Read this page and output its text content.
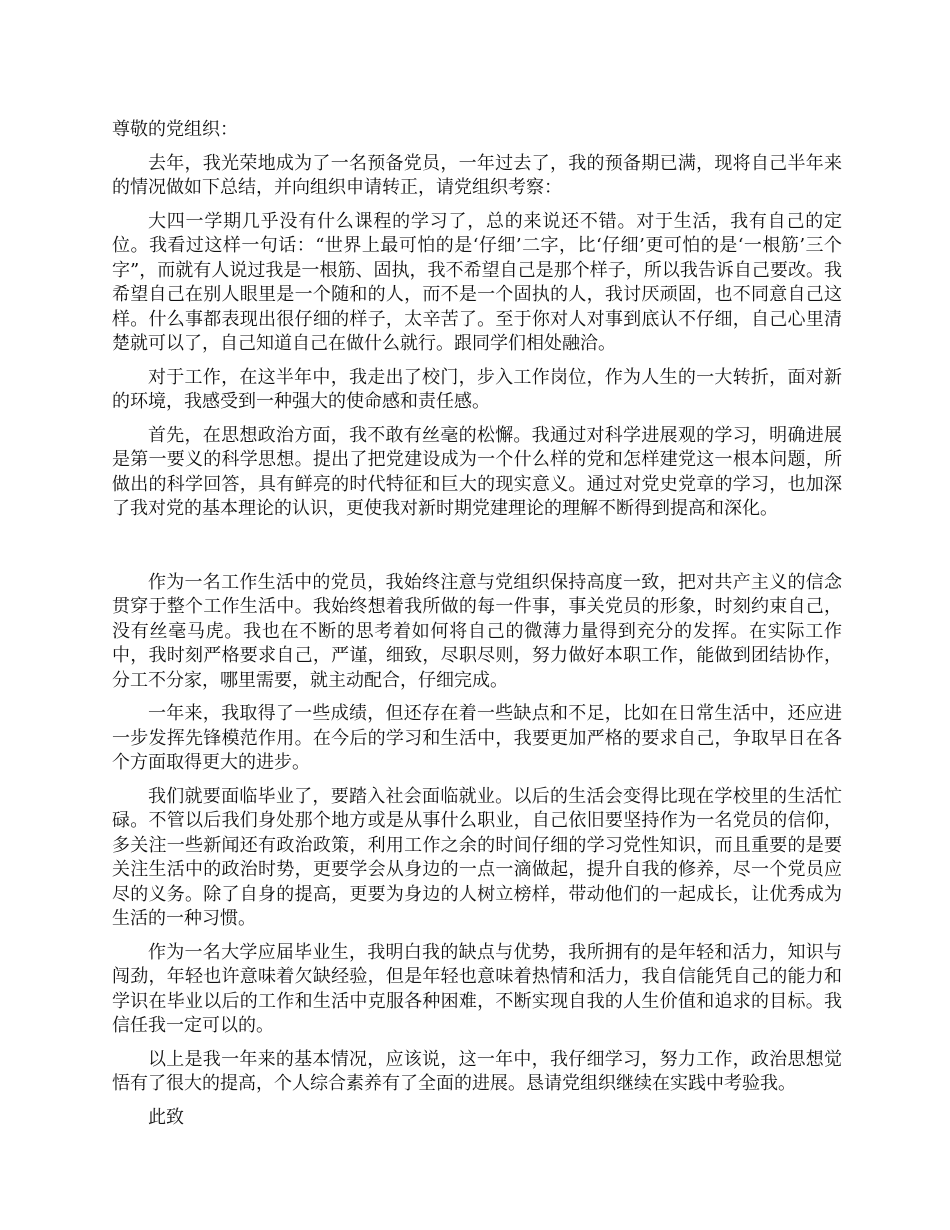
尊敬的党组织：

去年，我光荣地成为了一名预备党员，一年过去了，我的预备期已满，现将自己半年来的情况做如下总结，并向组织申请转正，请党组织考察：

大四一学期几乎没有什么课程的学习了，总的来说还不错。对于生活，我有自己的定位。我看过这样一句话：“世界上最可怕的是‘仔细’二字，比‘仔细’更可怕的是‘一根筋’三个字”，而就有人说过我是一根筋、固执，我不希望自己是那个样子，所以我告诉自己要改。我希望自己在别人眼里是一个随和的人，而不是一个固执的人，我讨厌顽固，也不同意自己这样。什么事都表现出很仔细的样子，太辛苦了。至于你对人对事到底认不仔细，自己心里清楚就可以了，自己知道自己在做什么就行。跟同学们相处融洽。

对于工作，在这半年中，我走出了校门，步入工作岗位，作为人生的一大转折，面对新的环境，我感受到一种强大的使命感和责任感。

首先，在思想政治方面，我不敢有丝毫的松懈。我通过对科学进展观的学习，明确进展是第一要义的科学思想。提出了把党建设成为一个什么样的党和怎样建党这一根本问题，所做出的科学回答，具有鲜亮的时代特征和巨大的现实意义。通过对党史党章的学习，也加深了我对党的基本理论的认识，更使我对新时期党建理论的理解不断得到提高和深化。

作为一名工作生活中的党员，我始终注意与党组织保持高度一致，把对共产主义的信念贯穿于整个工作生活中。我始终想着我所做的每一件事，事关党员的形象，时刻约束自己，没有丝毫马虎。我也在不断的思考着如何将自己的微薄力量得到充分的发挥。在实际工作中，我时刻严格要求自己，严谨，细致，尽职尽则，努力做好本职工作，能做到团结协作，分工不分家，哪里需要，就主动配合，仔细完成。

一年来，我取得了一些成绩，但还存在着一些缺点和不足，比如在日常生活中，还应进一步发挥先锋模范作用。在今后的学习和生活中，我要更加严格的要求自己，争取早日在各个方面取得更大的进步。

我们就要面临毕业了，要踏入社会面临就业。以后的生活会变得比现在学校里的生活忙碌。不管以后我们身处那个地方或是从事什么职业，自己依旧要坚持作为一名党员的信仰，多关注一些新闻还有政治政策，利用工作之余的时间仔细的学习党性知识，而且重要的是要关注生活中的政治时势，更要学会从身边的一点一滴做起，提升自我的修养，尽一个党员应尽的义务。除了自身的提高，更要为身边的人树立榜样，带动他们的一起成长，让优秀成为生活的一种习惯。

作为一名大学应届毕业生，我明白我的缺点与优势，我所拥有的是年轻和活力，知识与闯劲，年轻也许意味着欠缺经验，但是年轻也意味着热情和活力，我自信能凭自己的能力和学识在毕业以后的工作和生活中克服各种困难，不断实现自我的人生价值和追求的目标。我信任我一定可以的。

以上是我一年来的基本情况，应该说，这一年中，我仔细学习，努力工作，政治思想觉悟有了很大的提高，个人综合素养有了全面的进展。恳请党组织继续在实践中考验我。

此致
